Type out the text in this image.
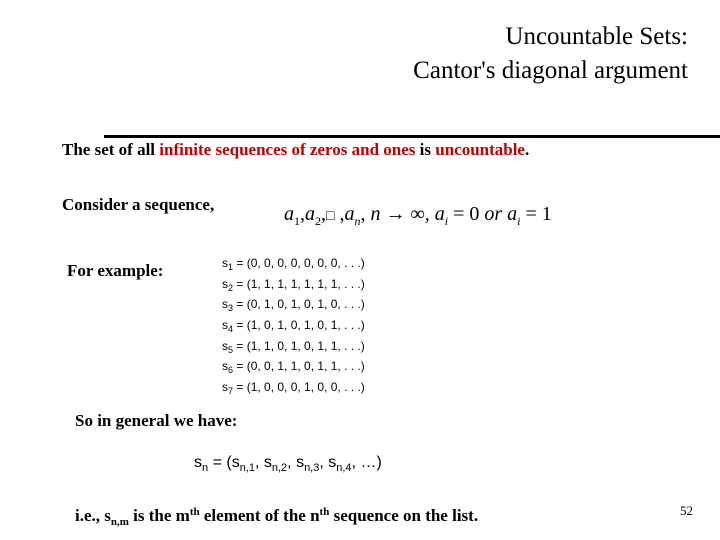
Uncountable Sets:
Cantor's diagonal argument
The set of all infinite sequences of zeros and ones is uncountable.
Consider a sequence,	$a_1,a_2,□$ $,a_n$, n → ∞, $a_i = 0$ or $a_i = 1$
For example:	$s_1 = (0$, 0, 0, 0, 0, 0, 0, . . .)
$s_2 = (1$, 1, 1, 1, 1, 1, 1, . . .)
$s_3 = (0$, 1, 0, 1, 0, 1, 0, . . .)
$s_4 = (1$, 0, 1, 0, 1, 0, 1, . . .)
$s_5 = (1$, 1, 0, 1, 0, 1, 1, . . .)
$s_6 = (0$, 0, 1, 1, 0, 1, 1, . . .)
$s_7 = (1$, 0, 0, 0, 1, 0, 0, . . .)
So in general we have:
$s_n = (s_{n,1}$, $s_{n,2}$, $s_{n,3}$, $s_{n,4}$, …)
i.e., $s_{n,m}$ is the $m^{th}$ element of the $n^{th}$ sequence on the list.	52
